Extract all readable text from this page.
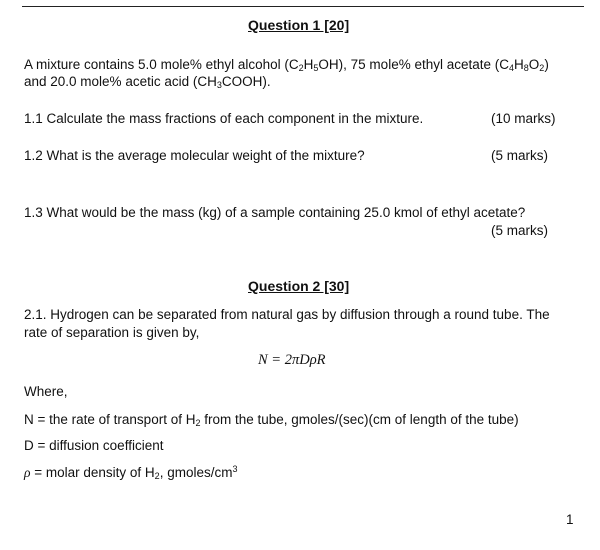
Question 1 [20]
A mixture contains 5.0 mole% ethyl alcohol $(C_2H_5OH)$, 75 mole% ethyl acetate $(C_4H_8O_2)$
and 20.0 mole% acetic acid $(CH_3COOH)$.
1.1 Calculate the mass fractions of each component in the mixture.	(10 marks)
1.2 What is the average molecular weight of the mixture?	(5 marks)
1.3 What would be the mass (kg) of a sample containing 25.0 kmol of ethyl acetate?
(5 marks)
Question 2 [30]
2.1. Hydrogen can be separated from natural gas by diffusion through a round tube. The
rate of separation is given by,
N = 2πDρR
Where,
N = the rate of transport of $H_2$ from the tube, gmoles/(sec)(cm of length of the tube)
D = diffusion coefficient
ρ = molar density of $H_2$, gmoles/$cm^3$
1
